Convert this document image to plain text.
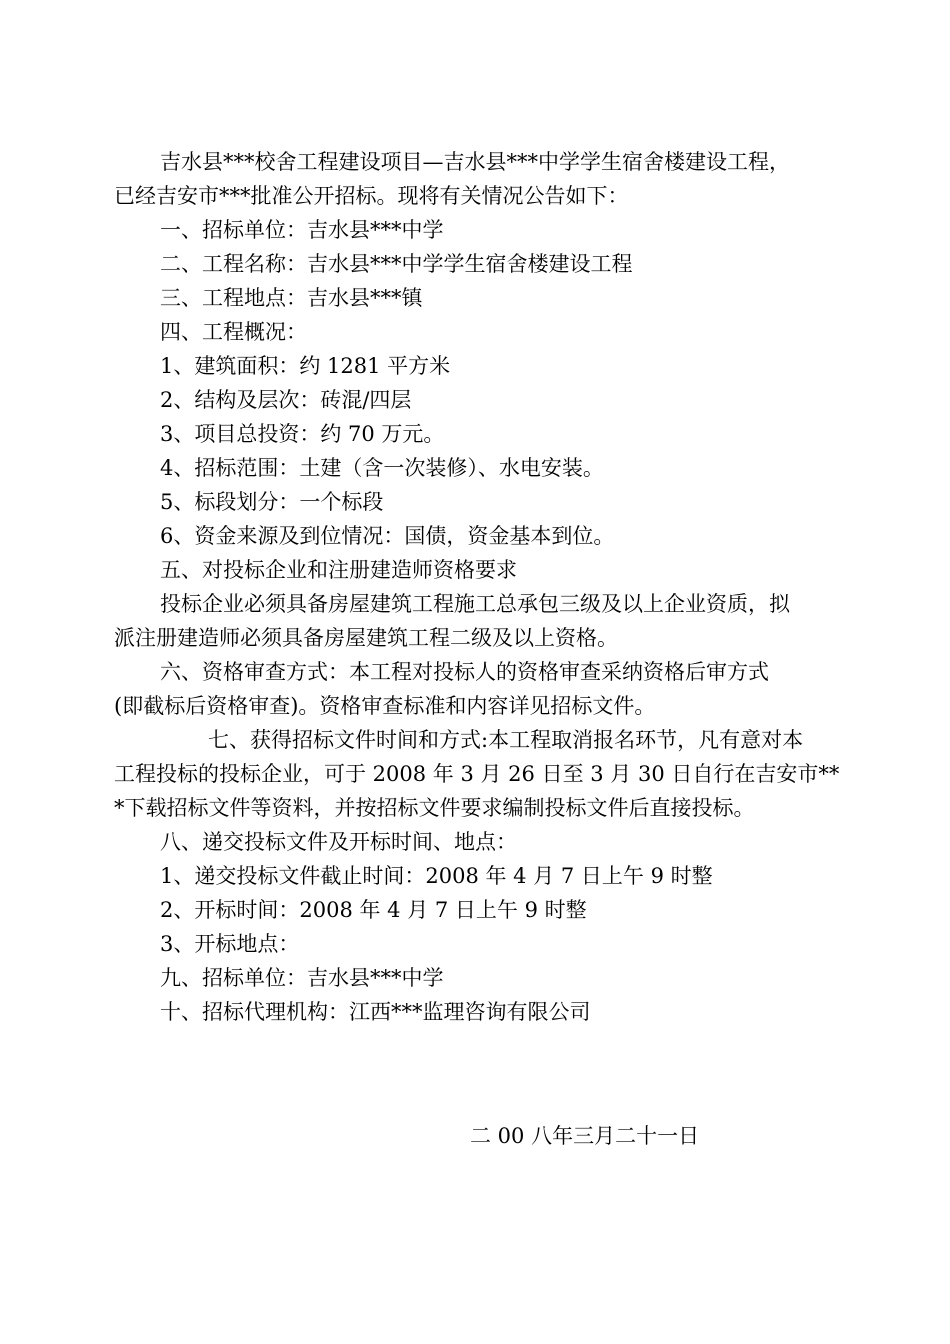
吉水县***校舍工程建设项目—吉水县***中学学生宿舍楼建设工程，
已经吉安市***批准公开招标。现将有关情况公告如下：
一、招标单位：吉水县***中学
二、工程名称：吉水县***中学学生宿舍楼建设工程
三、工程地点：吉水县***镇
四、工程概况：
1、建筑面积：约 1281 平方米
2、结构及层次：砖混/四层
3、项目总投资：约 70 万元。
4、招标范围：土建（含一次装修）、水电安装。
5、标段划分：一个标段
6、资金来源及到位情况：国债，资金基本到位。
五、对投标企业和注册建造师资格要求
投标企业必须具备房屋建筑工程施工总承包三级及以上企业资质，拟
派注册建造师必须具备房屋建筑工程二级及以上资格。
六、资格审查方式：本工程对投标人的资格审查采纳资格后审方式
(即截标后资格审查)。资格审查标准和内容详见招标文件。
七、获得招标文件时间和方式:本工程取消报名环节，凡有意对本
工程投标的投标企业，可于 2008 年 3 月 26 日至 3 月 30 日自行在吉安市**
*下载招标文件等资料，并按招标文件要求编制投标文件后直接投标。
八、递交投标文件及开标时间、地点：
1、递交投标文件截止时间：2008 年 4 月 7 日上午 9 时整
2、开标时间：2008 年 4 月 7 日上午 9 时整
3、开标地点：
九、招标单位：吉水县***中学
十、招标代理机构：江西***监理咨询有限公司
二 00 八年三月二十一日
